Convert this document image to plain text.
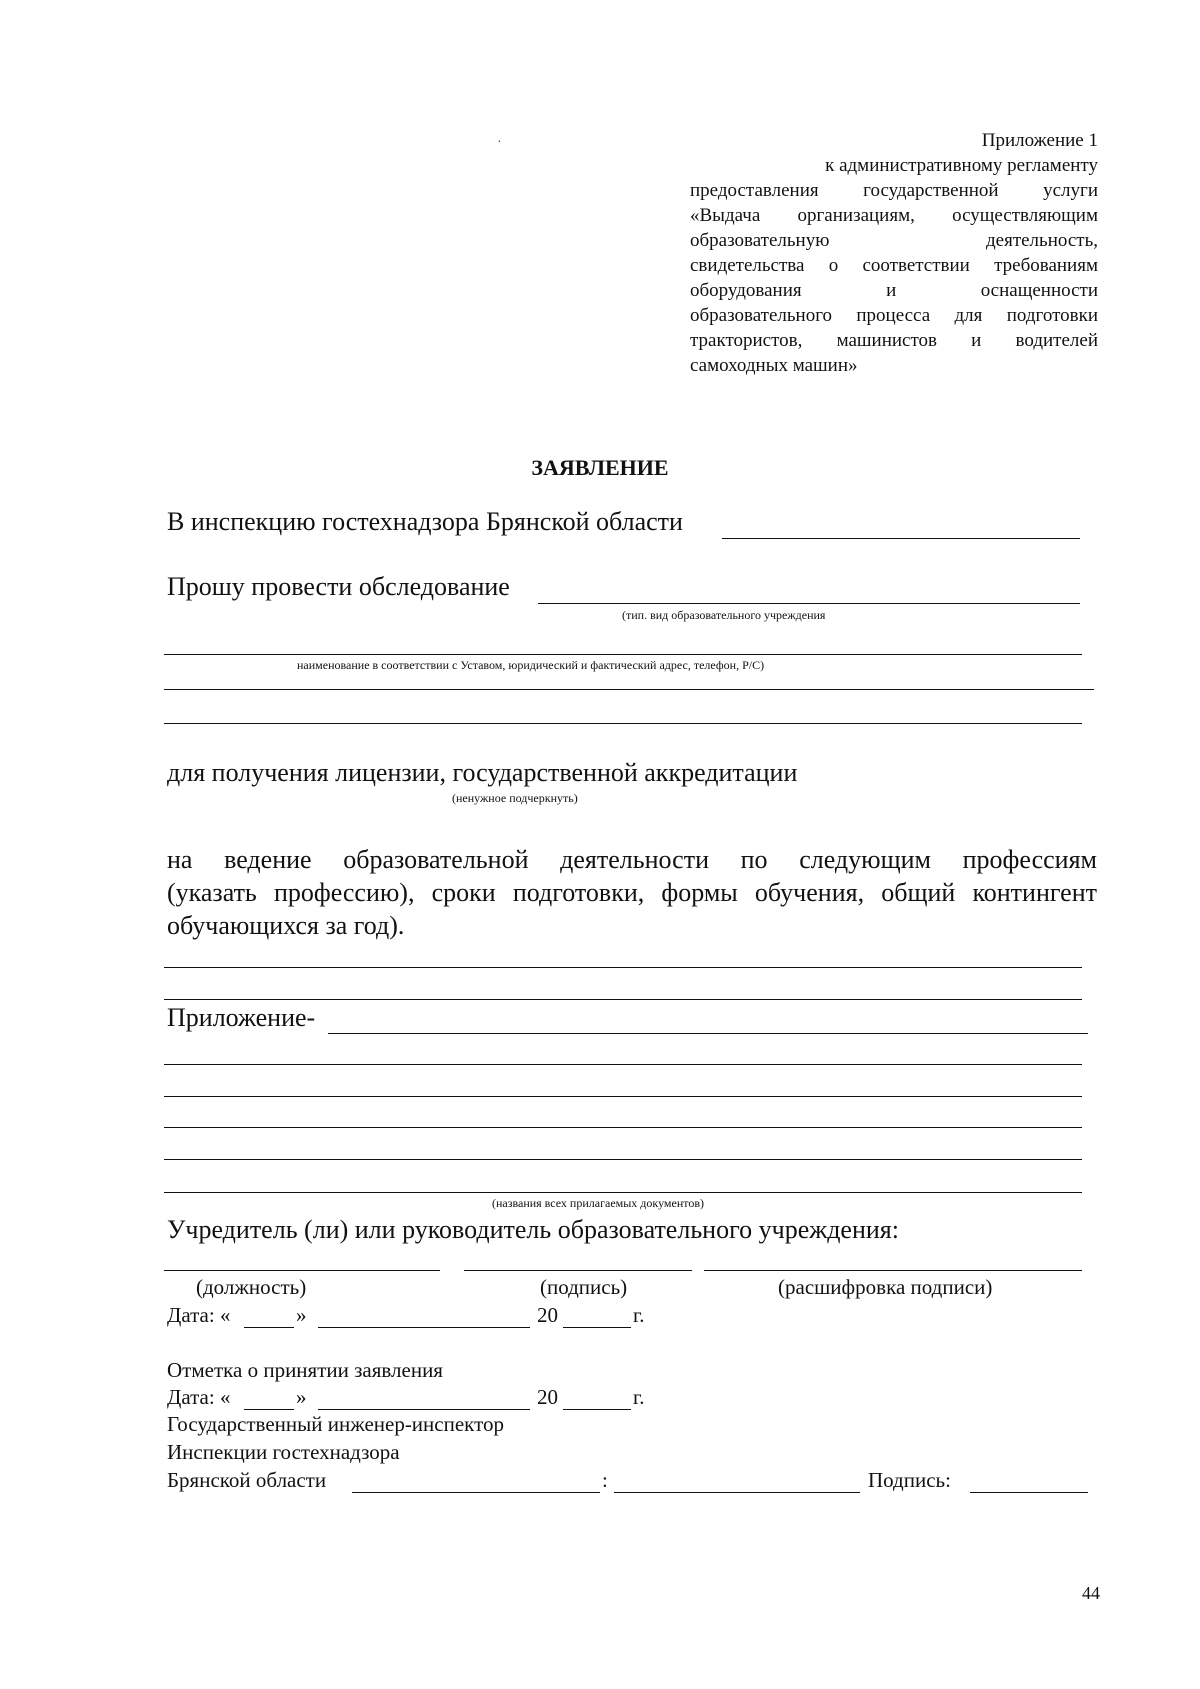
·	Приложение 1
к административному регламенту
предоставления государственной услуги
«Выдача организациям, осуществляющим
образовательную деятельность,
свидетельства о соответствии требованиям
оборудования и оснащенности
образовательного процесса для подготовки
трактористов, машинистов и водителей
самоходных машин»
ЗАЯВЛЕНИЕ
В инспекцию гостехнадзора Брянской области
Прошу провести обследование
(тип. вид образовательного учреждения
наименование в соответствии с Уставом, юридический и фактический адрес, телефон, Р/С)
для получения лицензии, государственной аккредитации
(ненужное подчеркнуть)
на ведение образовательной деятельности по следующим профессиям
(указать профессию), сроки подготовки, формы обучения, общий контингент
обучающихся за год).
Приложение-
(названия всех прилагаемых документов)
Учредитель (ли) или руководитель образовательного учреждения:
(должность)	(подпись)	(расшифровка подписи)
Дата: «	»	20	г.
Отметка о принятии заявления
Дата: «	»	20	г.
Государственный инженер-инспектор
Инспекции гостехнадзора
Брянской области	:	Подпись:
44
